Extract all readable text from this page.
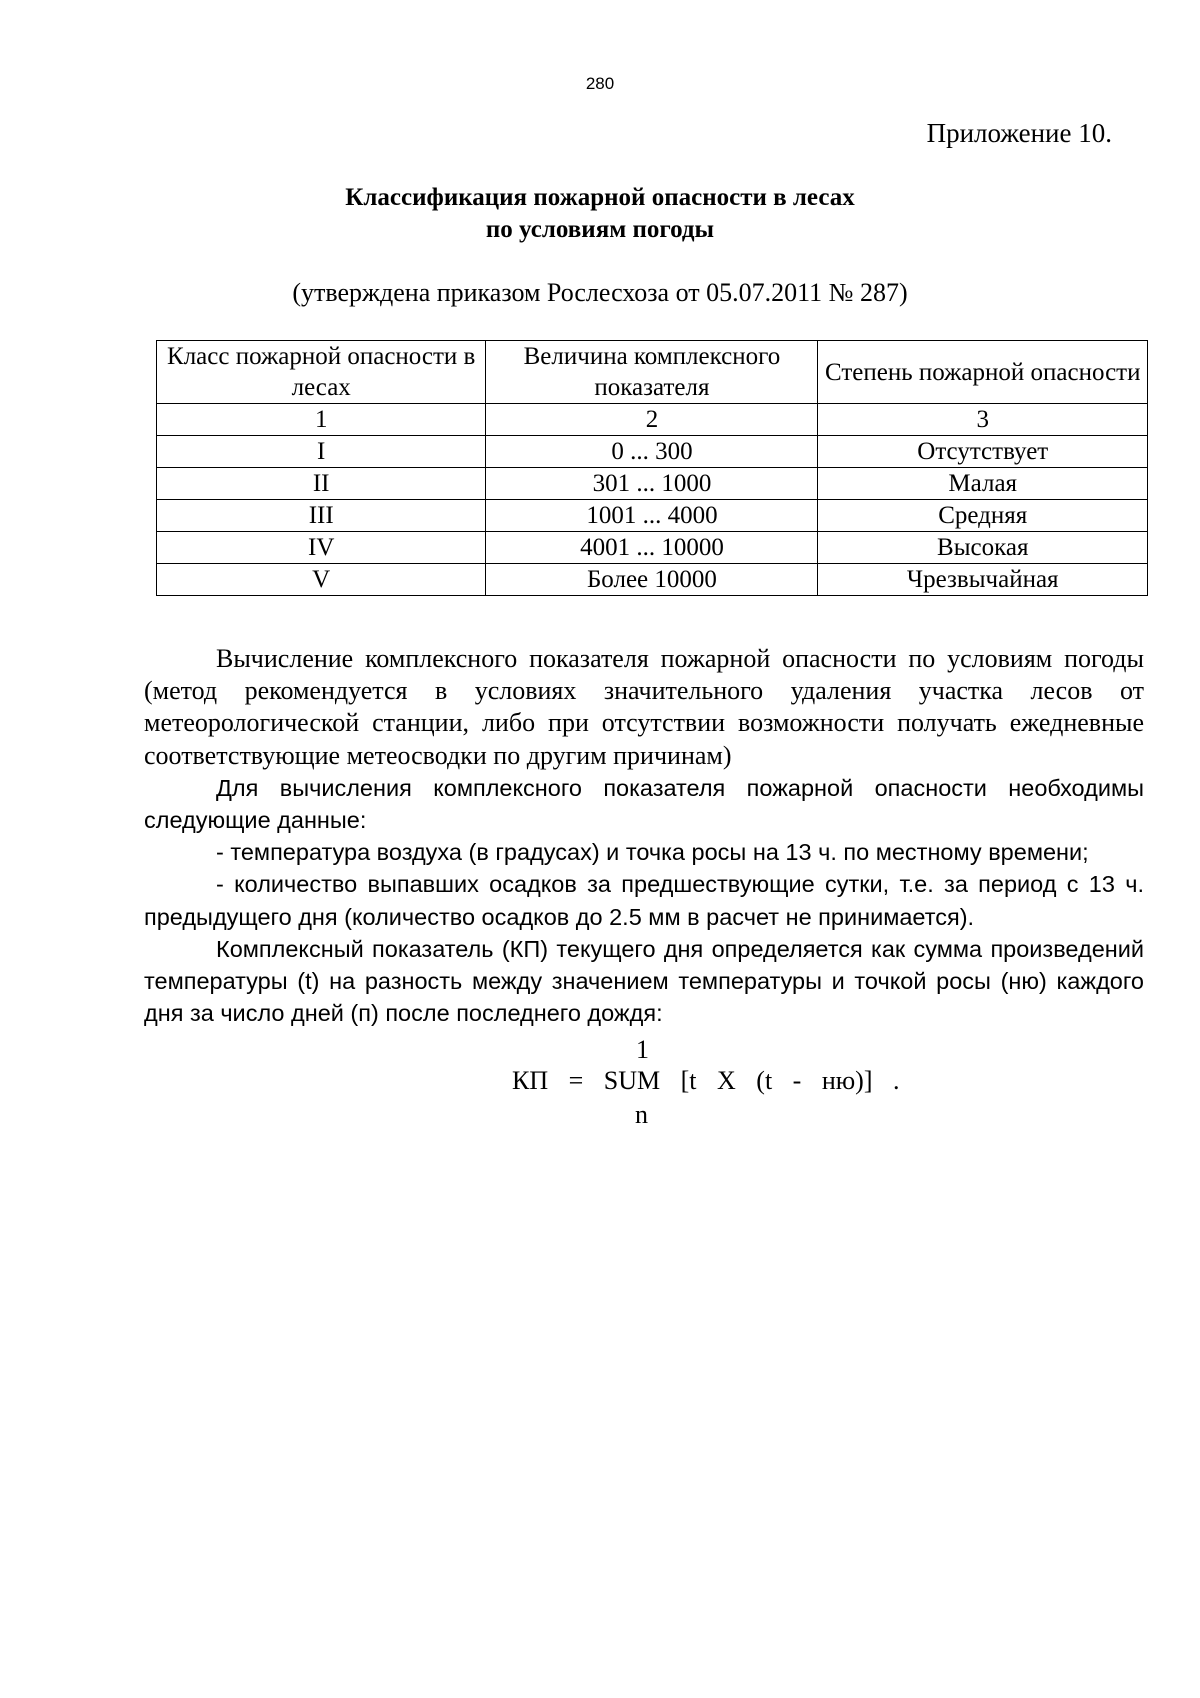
280
Приложение 10.
Классификация пожарной опасности в лесах
по условиям погоды
(утверждена приказом Рослесхоза от 05.07.2011 № 287)
Класс пожарной опасности в лесах	Величина комплексного показателя	Степень пожарной опасности
1	2	3
I	0 ... 300	Отсутствует
II	301 ... 1000	Малая
III	1001 ... 4000	Средняя
IV	4001 ... 10000	Высокая
V	Более 10000	Чрезвычайная

Вычисление комплексного показателя пожарной опасности по условиям погоды (метод рекомендуется в условиях значительного удаления участка лесов от метеорологической станции, либо при отсутствии возможности получать ежедневные соответствующие метеосводки по другим причинам)

Для вычисления комплексного показателя пожарной опасности необходимы следующие данные:

- температура воздуха (в градусах) и точка росы на 13 ч. по местному времени;

- количество выпавших осадков за предшествующие сутки, т.е. за период с 13 ч. предыдущего дня (количество осадков до 2.5 мм в расчет не принимается).

Комплексный показатель (КП) текущего дня определяется как сумма произведений температуры (t) на разность между значением температуры и точкой росы (ню) каждого дня за число дней (п) после последнего дождя:

1
КП = SUM [t X (t - ню)] .
n
